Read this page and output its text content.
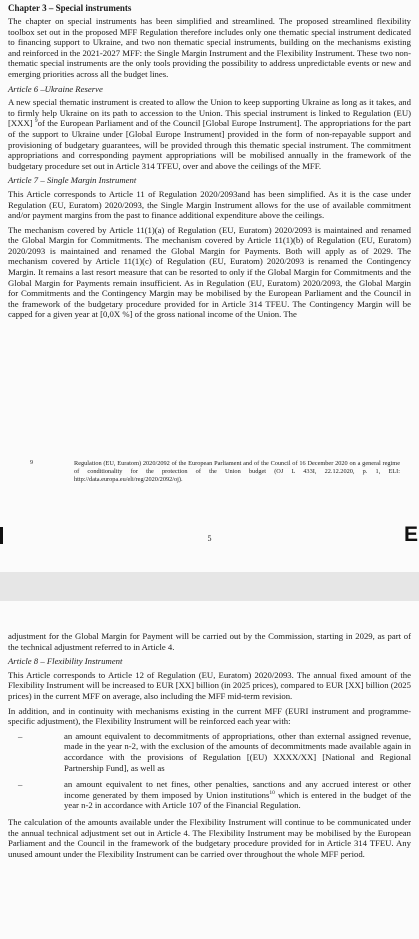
Chapter 3 – Special instruments

The chapter on special instruments has been simplified and streamlined. The proposed streamlined flexibility toolbox set out in the proposed MFF Regulation therefore includes only one thematic special instrument dedicated to financing support to Ukraine, and two non thematic special instruments, building on the mechanisms existing and reinforced in the 2021-2027 MFF: the Single Margin Instrument and the Flexibility Instrument. These two non-thematic special instruments are the only tools providing the possibility to address unpredictable events or new and emerging priorities across all the budget lines.

Article 6 –Ukraine Reserve

A new special thematic instrument is created to allow the Union to keep supporting Ukraine as long as it takes, and to firmly help Ukraine on its path to accession to the Union. This special instrument is linked to Regulation (EU) [XXX] $^9$of the European Parliament and of the Council [Global Europe Instrument]. The appropriations for the part of the support to Ukraine under [Global Europe Instrument] provided in the form of non-repayable support and provisioning of budgetary guarantees, will be provided through this thematic special instrument. The commitment appropriations and corresponding payment appropriations will be mobilised annually in the framework of the budgetary procedure set out in Article 314 TFEU, over and above the ceilings of the MFF.

Article 7 – Single Margin Instrument

This Article corresponds to Article 11 of Regulation 2020/2093and has been simplified. As it is the case under Regulation (EU, Euratom) 2020/2093, the Single Margin Instrument allows for the use of available commitment and/or payment margins from the past to finance additional expenditure above the ceilings.

The mechanism covered by Article 11(1)(a) of Regulation (EU, Euratom) 2020/2093 is maintained and renamed the Global Margin for Commitments. The mechanism covered by Article 11(1)(b) of Regulation (EU, Euratom) 2020/2093 is maintained and renamed the Global Margin for Payments. Both will apply as of 2029. The mechanism covered by Article 11(1)(c) of Regulation (EU, Euratom) 2020/2093 is renamed the Contingency Margin. It remains a last resort measure that can be resorted to only if the Global Margin for Commitments and the Global Margin for Payments remain insufficient. As in Regulation (EU, Euratom) 2020/2093, the Global Margin for Commitments and the Contingency Margin may be mobilised by the European Parliament and the Council in the framework of the budgetary procedure provided for in Article 314 TFEU. The Contingency Margin will be capped for a given year at [0,0X %] of the gross national income of the Union. The

9	Regulation (EU, Euratom) 2020/2092 of the European Parliament and of the Council of 16 December 2020 on a general regime of conditionality for the protection of the Union budget (OJ L 433I, 22.12.2020, p. 1, ELI: http://data.europa.eu/eli/reg/2020/2092/oj).
5	E

adjustment for the Global Margin for Payment will be carried out by the Commission, starting in 2029, as part of the technical adjustment referred to in Article 4.

Article 8 – Flexibility Instrument

This Article corresponds to Article 12 of Regulation (EU, Euratom) 2020/2093. The annual fixed amount of the Flexibility Instrument will be increased to EUR [XX] billion (in 2025 prices), compared to EUR [XX] billion (2025 prices) in the current MFF on average, also including the MFF mid-term revision.

In addition, and in continuity with mechanisms existing in the current MFF (EURI instrument and programme-specific adjustment), the Flexibility Instrument will be reinforced each year with:

–	an amount equivalent to decommitments of appropriations, other than external assigned revenue, made in the year n-2, with the exclusion of the amounts of decommitments made available again in accordance with the provisions of Regulation [(EU) XXXX/XX] [National and Regional Partnership Fund], as well as

–	an amount equivalent to net fines, other penalties, sanctions and any accrued interest or other income generated by them imposed by Union institutions$^{10}$ which is entered in the budget of the year n-2 in accordance with Article 107 of the Financial Regulation.

The calculation of the amounts available under the Flexibility Instrument will continue to be communicated under the annual technical adjustment set out in Article 4. The Flexibility Instrument may be mobilised by the European Parliament and the Council in the framework of the budgetary procedure provided for in Article 314 TFEU. Any unused amount under the Flexibility Instrument can be carried over throughout the whole MFF period.
